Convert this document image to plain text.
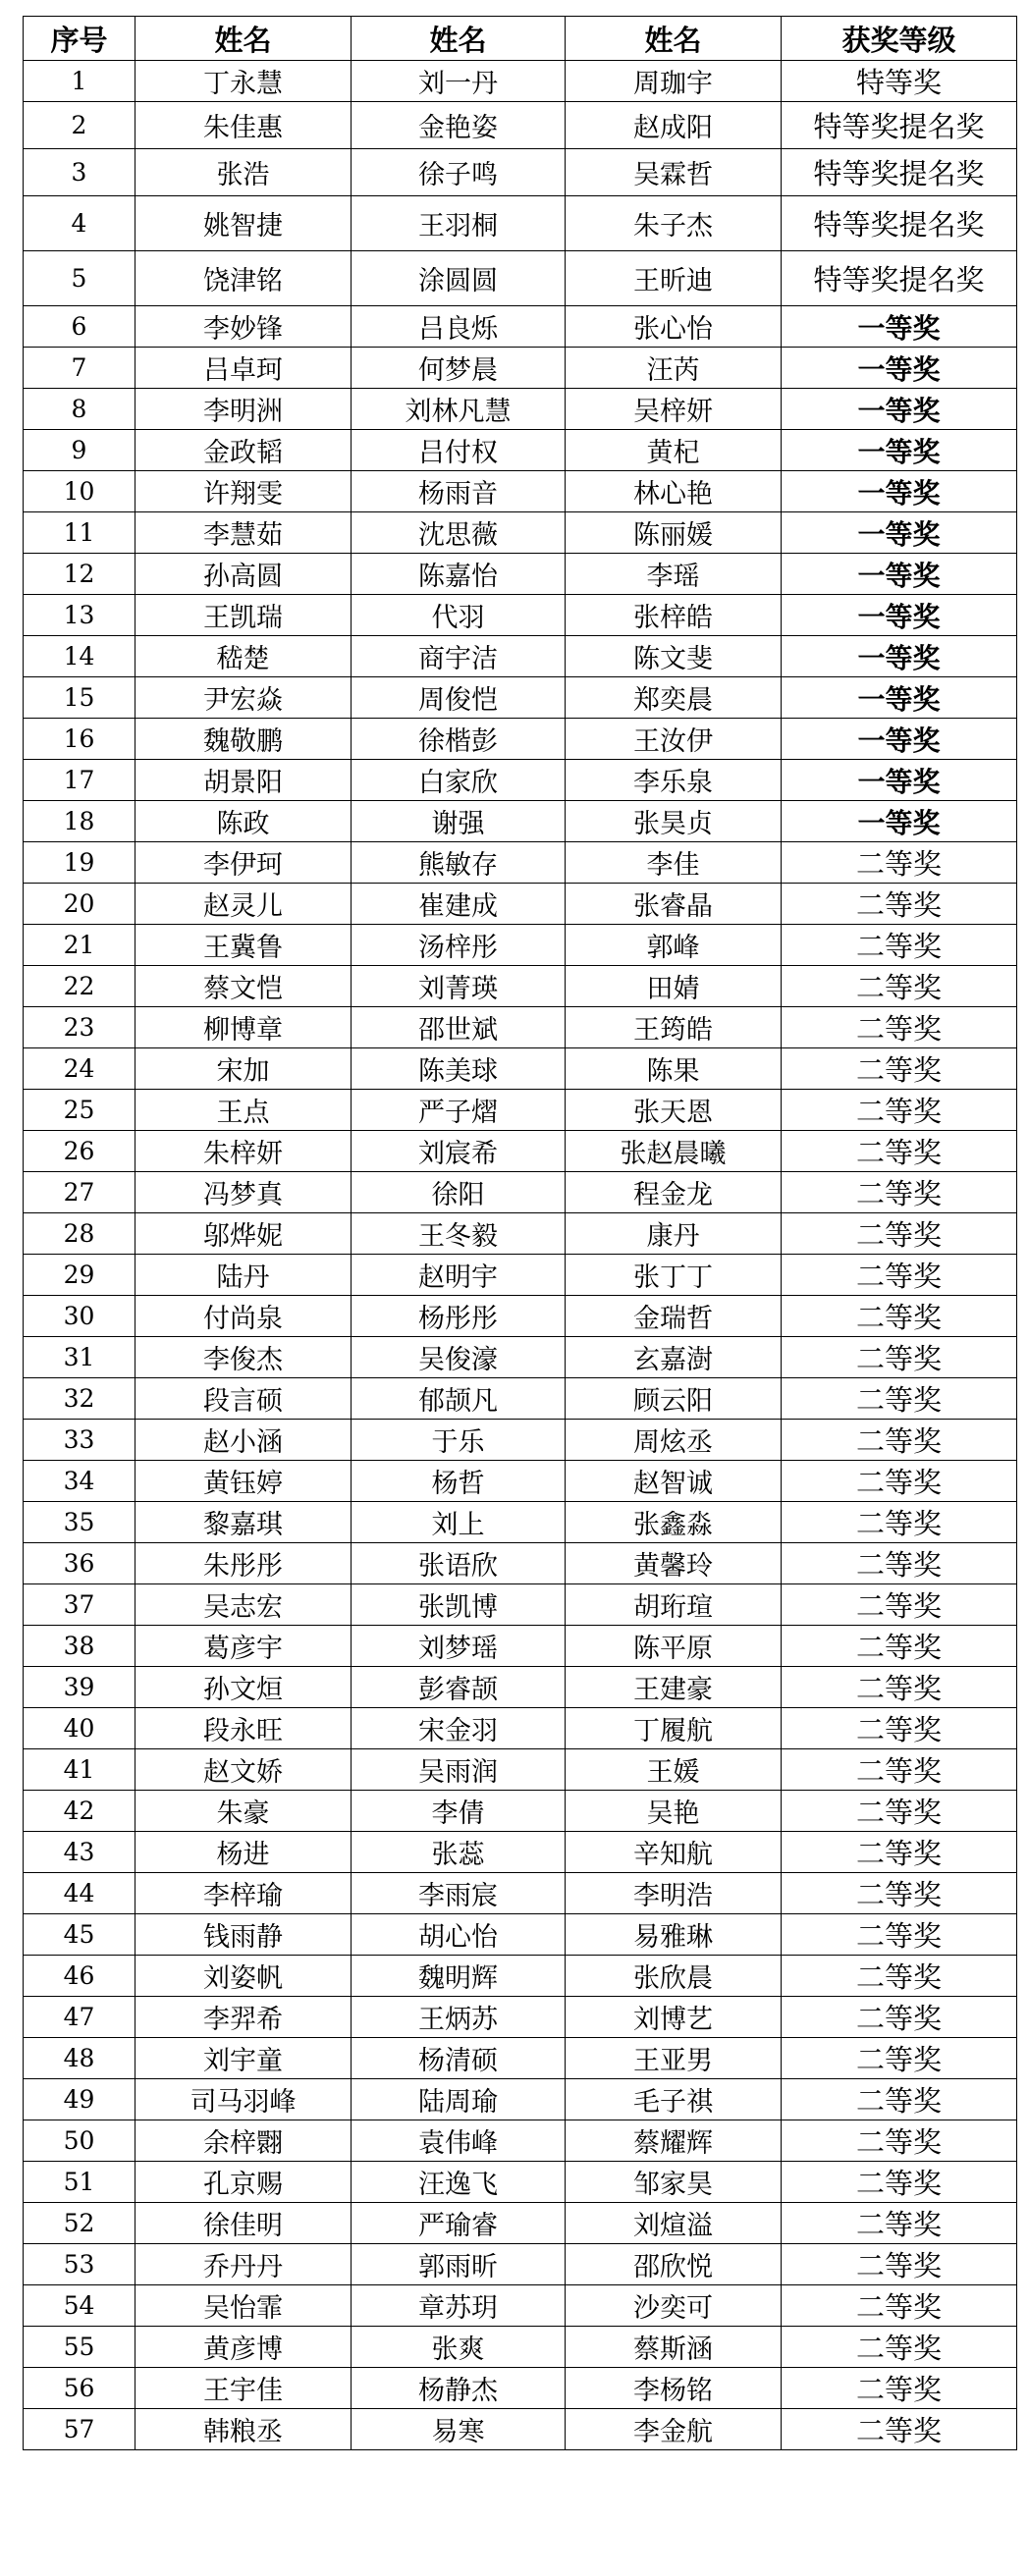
序号	姓名	姓名	姓名	获奖等级
1	丁永慧	刘一丹	周珈宇	特等奖
2	朱佳惠	金艳姿	赵成阳	特等奖提名奖
3	张浩	徐子鸣	吴霖哲	特等奖提名奖
4	姚智捷	王羽桐	朱子杰	特等奖提名奖
5	饶津铭	涂圆圆	王昕迪	特等奖提名奖
6	李妙锋	吕良烁	张心怡	一等奖
7	吕卓珂	何梦晨	汪芮	一等奖
8	李明洲	刘林凡慧	吴梓妍	一等奖
9	金政韬	吕付权	黄杞	一等奖
10	许翔雯	杨雨音	林心艳	一等奖
11	李慧茹	沈思薇	陈丽媛	一等奖
12	孙高圆	陈嘉怡	李瑶	一等奖
13	王凯瑞	代羽	张梓皓	一等奖
14	嵇楚	商宇洁	陈文斐	一等奖
15	尹宏焱	周俊恺	郑奕晨	一等奖
16	魏敬鹏	徐楷彭	王汝伊	一等奖
17	胡景阳	白家欣	李乐泉	一等奖
18	陈政	谢强	张昊贞	一等奖
19	李伊珂	熊敏存	李佳	二等奖
20	赵灵儿	崔建成	张睿晶	二等奖
21	王冀鲁	汤梓彤	郭峰	二等奖
22	蔡文恺	刘菁瑛	田婧	二等奖
23	柳博章	邵世斌	王筠皓	二等奖
24	宋加	陈美球	陈果	二等奖
25	王点	严子熠	张天恩	二等奖
26	朱梓妍	刘宸希	张赵晨曦	二等奖
27	冯梦真	徐阳	程金龙	二等奖
28	邬烨妮	王冬毅	康丹	二等奖
29	陆丹	赵明宇	张丁丁	二等奖
30	付尚泉	杨彤彤	金瑞哲	二等奖
31	李俊杰	吴俊濠	玄嘉澍	二等奖
32	段言硕	郁颉凡	顾云阳	二等奖
33	赵小涵	于乐	周炫丞	二等奖
34	黄钰婷	杨哲	赵智诚	二等奖
35	黎嘉琪	刘上	张鑫淼	二等奖
36	朱彤彤	张语欣	黄馨玲	二等奖
37	吴志宏	张凯博	胡珩瑄	二等奖
38	葛彦宇	刘梦瑶	陈平原	二等奖
39	孙文烜	彭睿颉	王建豪	二等奖
40	段永旺	宋金羽	丁履航	二等奖
41	赵文娇	吴雨润	王媛	二等奖
42	朱豪	李倩	吴艳	二等奖
43	杨进	张蕊	辛知航	二等奖
44	李梓瑜	李雨宸	李明浩	二等奖
45	钱雨静	胡心怡	易雅琳	二等奖
46	刘姿帆	魏明辉	张欣晨	二等奖
47	李羿希	王炳苏	刘博艺	二等奖
48	刘宇童	杨清硕	王亚男	二等奖
49	司马羽峰	陆周瑜	毛子祺	二等奖
50	余梓翾	袁伟峰	蔡耀辉	二等奖
51	孔京赐	汪逸飞	邹家昊	二等奖
52	徐佳明	严瑜睿	刘煊溢	二等奖
53	乔丹丹	郭雨昕	邵欣悦	二等奖
54	吴怡霏	章苏玥	沙奕可	二等奖
55	黄彦博	张爽	蔡斯涵	二等奖
56	王宇佳	杨静杰	李杨铭	二等奖
57	韩粮丞	易寒	李金航	二等奖
